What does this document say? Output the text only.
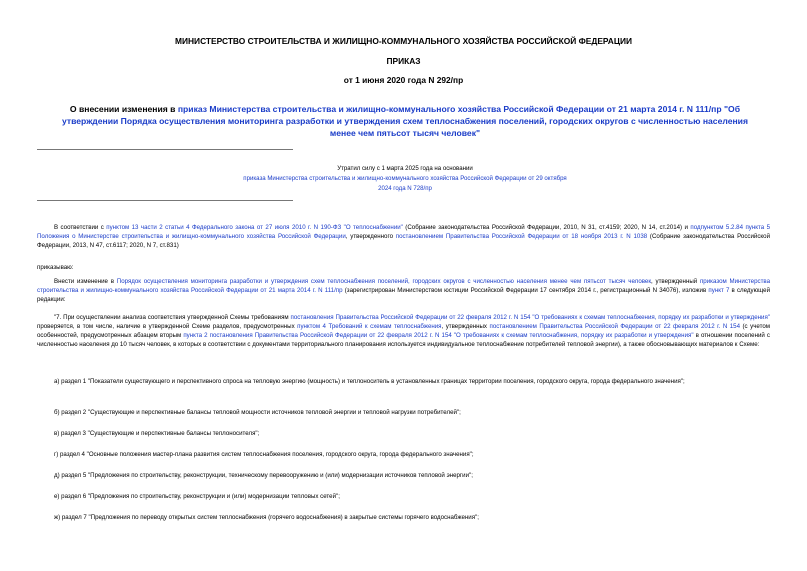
МИНИСТЕРСТВО СТРОИТЕЛЬСТВА И ЖИЛИЩНО-КОММУНАЛЬНОГО ХОЗЯЙСТВА РОССИЙСКОЙ ФЕДЕРАЦИИ
ПРИКАЗ
от 1 июня 2020 года N 292/пр
О внесении изменения в приказ Министерства строительства и жилищно-коммунального хозяйства Российской Федерации от 21 марта 2014 г. N 111/пр "Об утверждении Порядка осуществления мониторинга разработки и утверждения схем теплоснабжения поселений, городских округов с численностью населения менее чем пятьсот тысяч человек"
Утратил силу с 1 марта 2025 года на основании
приказа Министерства строительства и жилищно-коммунального хозяйства Российской Федерации от 29 октября 2024 года N 728/пр
В соответствии с пунктом 13 части 2 статьи 4 Федерального закона от 27 июля 2010 г. N 190-ФЗ "О теплоснабжении" (Собрание законодательства Российской Федерации, 2010, N 31, ст.4159; 2020, N 14, ст.2014) и подпунктом 5.2.84 пункта 5 Положения о Министерстве строительства и жилищно-коммунального хозяйства Российской Федерации, утвержденного постановлением Правительства Российской Федерации от 18 ноября 2013 г. N 1038 (Собрание законодательства Российской Федерации, 2013, N 47, ст.6117; 2020, N 7, ст.831)
приказываю:
Внести изменение в Порядок осуществления мониторинга разработки и утверждения схем теплоснабжения поселений, городских округов с численностью населения менее чем пятьсот тысяч человек, утвержденный приказом Министерства строительства и жилищно-коммунального хозяйства Российской Федерации от 21 марта 2014 г. N 111/пр (зарегистрирован Министерством юстиции Российской Федерации 17 сентября 2014 г., регистрационный N 34076), изложив пункт 7 в следующей редакции:
"7. При осуществлении анализа соответствия утвержденной Схемы требованиям постановления Правительства Российской Федерации от 22 февраля 2012 г. N 154 "О требованиях к схемам теплоснабжения, порядку их разработки и утверждения" проверяется, в том числе, наличие в утвержденной Схеме разделов, предусмотренных пунктом 4 Требований к схемам теплоснабжения, утвержденных постановлением Правительства Российской Федерации от 22 февраля 2012 г. N 154 (с учетом особенностей, предусмотренных абзацем вторым пункта 2 постановления Правительства Российской Федерации от 22 февраля 2012 г. N 154 "О требованиях к схемам теплоснабжения, порядку их разработки и утверждения" в отношении поселений с численностью населения до 10 тысяч человек, в которых в соответствии с документами территориального планирования используется индивидуальное теплоснабжение потребителей тепловой энергии), а также обосновывающих материалов к Схеме:
а) раздел 1 "Показатели существующего и перспективного спроса на тепловую энергию (мощность) и теплоноситель в установленных границах территории поселения, городского округа, города федерального значения";
б) раздел 2 "Существующие и перспективные балансы тепловой мощности источников тепловой энергии и тепловой нагрузки потребителей";
в) раздел 3 "Существующие и перспективные балансы теплоносителя";
г) раздел 4 "Основные положения мастер-плана развития систем теплоснабжения поселения, городского округа, города федерального значения";
д) раздел 5 "Предложения по строительству, реконструкции, техническому перевооружению и (или) модернизации источников тепловой энергии";
е) раздел 6 "Предложения по строительству, реконструкции и (или) модернизации тепловых сетей";
ж) раздел 7 "Предложения по переводу открытых систем теплоснабжения (горячего водоснабжения) в закрытые системы горячего водоснабжения";
